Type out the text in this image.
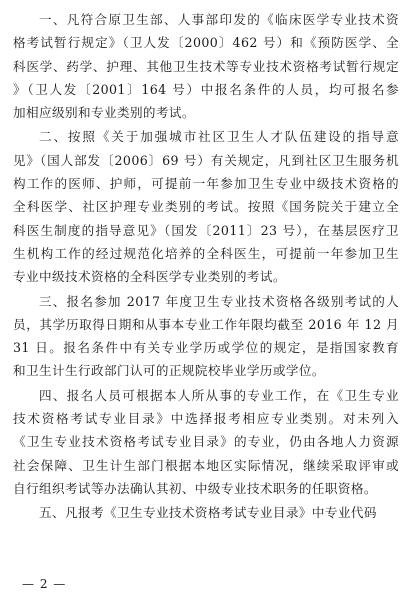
一、凡符合原卫生部、人事部印发的《临床医学专业技术资
格考试暂行规定》（卫人发〔2000〕462 号）和《预防医学、全
科医学、药学、护理、其他卫生技术等专业技术资格考试暂行规定
》（卫人发〔2001〕164 号）中报名条件的人员，均可报名参
加相应级别和专业类别的考试。
二、按照《关于加强城市社区卫生人才队伍建设的指导意
见》（国人部发〔2006〕69 号）有关规定，凡到社区卫生服务机
构工作的医师、护师，可提前一年参加卫生专业中级技术资格的
全科医学、社区护理专业类别的考试。按照《国务院关于建立全
科医生制度的指导意见》（国发〔2011〕23 号），在基层医疗卫
生机构工作的经过规范化培养的全科医生，可提前一年参加卫生
专业中级技术资格的全科医学专业类别的考试。
三、报名参加 2017 年度卫生专业技术资格各级别考试的人
员，其学历取得日期和从事本专业工作年限均截至 2016 年 12 月
31 日。报名条件中有关专业学历或学位的规定，是指国家教育
和卫生计生行政部门认可的正规院校毕业学历或学位。
四、报名人员可根据本人所从事的专业工作，在《卫生专业
技术资格考试专业目录》中选择报考相应专业类别。对未列入
《卫生专业技术资格考试专业目录》的专业，仍由各地人力资源
社会保障、卫生计生部门根据本地区实际情况，继续采取评审或
自行组织考试等办法确认其初、中级专业技术职务的任职资格。
五、凡报考《卫生专业技术资格考试专业目录》中专业代码
— 2 —
